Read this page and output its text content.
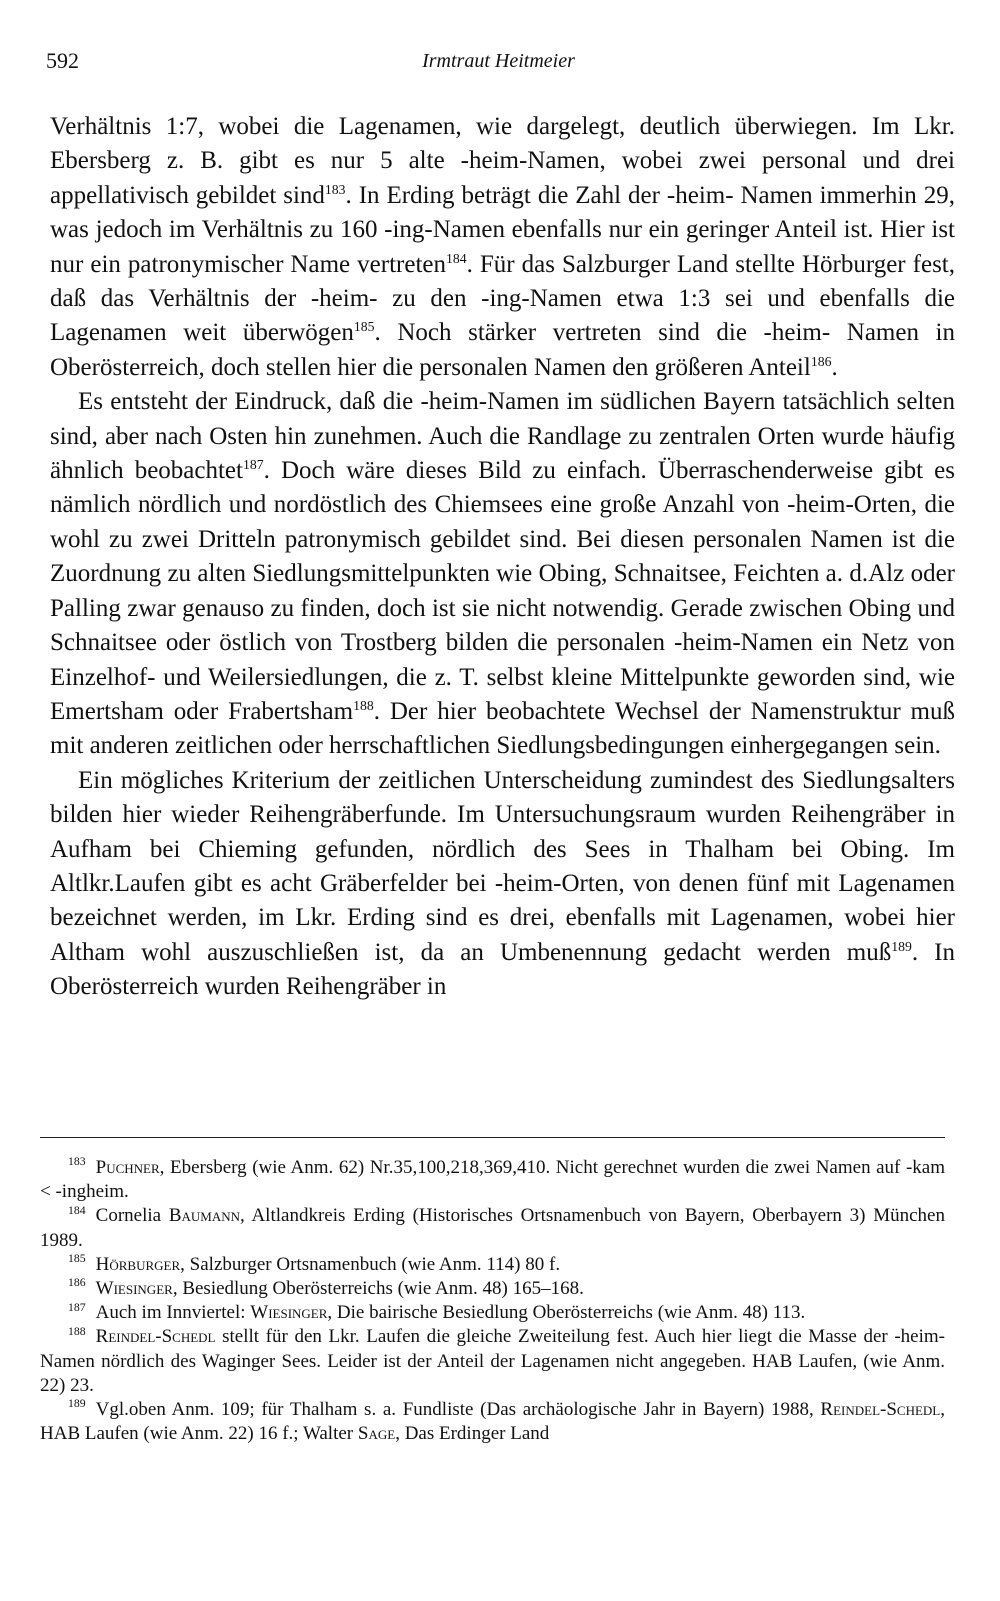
592	Irmtraut Heitmeier

Verhältnis 1:7, wobei die Lagenamen, wie dargelegt, deutlich überwiegen. Im Lkr. Ebersberg z. B. gibt es nur 5 alte -heim-Namen, wobei zwei personal und drei appellativisch gebildet sind$^{183}$. In Erding beträgt die Zahl der -heim- Namen immerhin 29, was jedoch im Verhältnis zu 160 -ing-Namen ebenfalls nur ein geringer Anteil ist. Hier ist nur ein patronymischer Name vertreten$^{184}$. Für das Salzburger Land stellte Hörburger fest, daß das Verhältnis der -heim- zu den -ing-Namen etwa 1:3 sei und ebenfalls die Lagenamen weit überwögen$^{185}$. Noch stärker vertreten sind die -heim- Namen in Oberösterreich, doch stellen hier die personalen Namen den größeren Anteil$^{186}$.

Es entsteht der Eindruck, daß die -heim-Namen im südlichen Bayern tatsächlich selten sind, aber nach Osten hin zunehmen. Auch die Randlage zu zentralen Orten wurde häufig ähnlich beobachtet$^{187}$. Doch wäre dieses Bild zu einfach. Überraschenderweise gibt es nämlich nördlich und nordöstlich des Chiemsees eine große Anzahl von -heim-Orten, die wohl zu zwei Dritteln patronymisch gebildet sind. Bei diesen personalen Namen ist die Zuordnung zu alten Siedlungsmittelpunkten wie Obing, Schnaitsee, Feichten a. d.Alz oder Palling zwar genauso zu finden, doch ist sie nicht notwendig. Gerade zwischen Obing und Schnaitsee oder östlich von Trostberg bilden die personalen -heim-Namen ein Netz von Einzelhof- und Weilersiedlungen, die z. T. selbst kleine Mittelpunkte geworden sind, wie Emertsham oder Frabertsham$^{188}$. Der hier beobachtete Wechsel der Namenstruktur muß mit anderen zeitlichen oder herrschaftlichen Siedlungsbedingungen einhergegangen sein.

Ein mögliches Kriterium der zeitlichen Unterscheidung zumindest des Siedlungsalters bilden hier wieder Reihengräberfunde. Im Untersuchungsraum wurden Reihengräber in Aufham bei Chieming gefunden, nördlich des Sees in Thalham bei Obing. Im Altlkr.Laufen gibt es acht Gräberfelder bei -heim-Orten, von denen fünf mit Lagenamen bezeichnet werden, im Lkr. Erding sind es drei, ebenfalls mit Lagenamen, wobei hier Altham wohl auszuschließen ist, da an Umbenennung gedacht werden muß$^{189}$. In Oberösterreich wurden Reihengräber in

$^{183}$ Puchner, Ebersberg (wie Anm. 62) Nr.35,100,218,369,410. Nicht gerechnet wurden die zwei Namen auf -kam < -ingheim.

$^{184}$ Cornelia Baumann, Altlandkreis Erding (Historisches Ortsnamenbuch von Bayern, Oberbayern 3) München 1989.

$^{185}$ Hörburger, Salzburger Ortsnamenbuch (wie Anm. 114) 80 f.

$^{186}$ Wiesinger, Besiedlung Oberösterreichs (wie Anm. 48) 165–168.

$^{187}$ Auch im Innviertel: Wiesinger, Die bairische Besiedlung Oberösterreichs (wie Anm. 48) 113.

$^{188}$ Reindel-Schedl stellt für den Lkr. Laufen die gleiche Zweiteilung fest. Auch hier liegt die Masse der -heim-Namen nördlich des Waginger Sees. Leider ist der Anteil der Lagenamen nicht angegeben. HAB Laufen, (wie Anm. 22) 23.

$^{189}$ Vgl.oben Anm. 109; für Thalham s. a. Fundliste (Das archäologische Jahr in Bayern) 1988, Reindel-Schedl, HAB Laufen (wie Anm. 22) 16 f.; Walter Sage, Das Erdinger Land
